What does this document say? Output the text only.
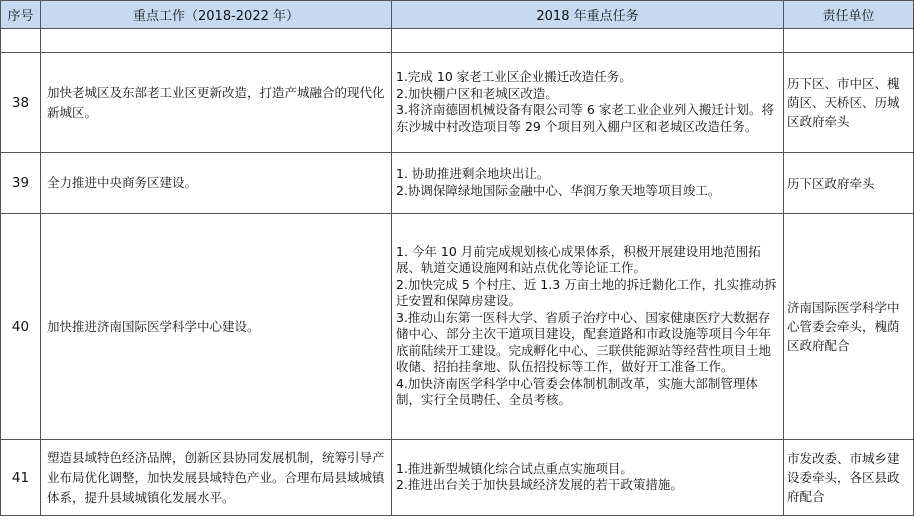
序号	重点工作（2018-2022 年）	2018 年重点任务	责任单位

38	加快老城区及东部老工业区更新改造，打造产城融合的现代化新城区。	1.完成 10 家老工业区企业搬迁改造任务。
2.加快棚户区和老城区改造。
3.将济南德固机械设备有限公司等 6 家老工业企业列入搬迁计划。将东沙城中村改造项目等 29 个项目列入棚户区和老城区改造任务。	历下区、市中区、槐荫区、天桥区、历城区政府牵头
39	全力推进中央商务区建设。	1. 协助推进剩余地块出让。
2.协调保障绿地国际金融中心、华润万象天地等项目竣工。	历下区政府牵头
40	加快推进济南国际医学科学中心建设。	1. 今年 10 月前完成规划核心成果体系，积极开展建设用地范围拓展、轨道交通设施网和站点优化等论证工作。
2.加快完成 5 个村庄、近 1.3 万亩土地的拆迁勬化工作，扎实推动拆迁安置和保障房建设。
3.推动山东第一医科大学、省质子治疗中心、国家健康医疗大数据存储中心、部分主次干道项目建设，配套道路和市政设施等项目今年年底前陆续开工建设。完成孵化中心、三联供能源站等经营性项目土地收储、招拍挂拿地、队伍招投标等工作，做好开工准备工作。
4.加快济南医学科学中心管委会体制机制改革，实施大部制管理体制，实行全员聘任、全员考核。	济南国际医学科学中心管委会牵头，槐荫区政府配合
41	塑造县域特色经济品牌，创新区县协同发展机制，统筹引导产业布局优化调整，加快发展县域特色产业。合理布局县域城镇体系，提升县域城镇化发展水平。	1.推进新型城镇化综合试点重点实施项目。
2.推进出台关于加快县域经济发展的若干政策措施。	市发改委、市城乡建设委牵头，各区县政府配合
